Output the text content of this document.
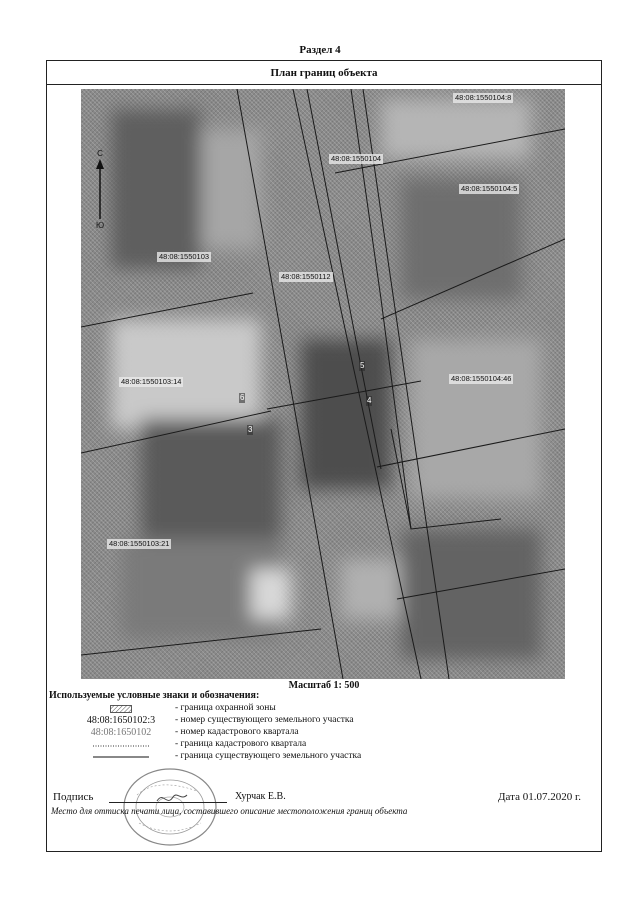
Раздел 4
План границ объекта
48:08:1550104:8
48:08:1550104
48:08:1550104:5
48:08:1550103
48:08:1550112
48:08:1550103:14	48:08:1550104:46
48:08:1550103:21
5
6	4
3
С
Ю
Масштаб 1: 500
Используемые условные знаки и обозначения:
- граница охранной зоны
48:08:1650102:3	- номер существующего земельного участка
48:08:1650102	- номер кадастрового квартала
- граница кадастрового квартала
- граница существующего земельного участка
Подпись	Хурчак Е.В.	Дата 01.07.2020 г.
Место для оттиска печати лица, составившего описание местоположения границ объекта
